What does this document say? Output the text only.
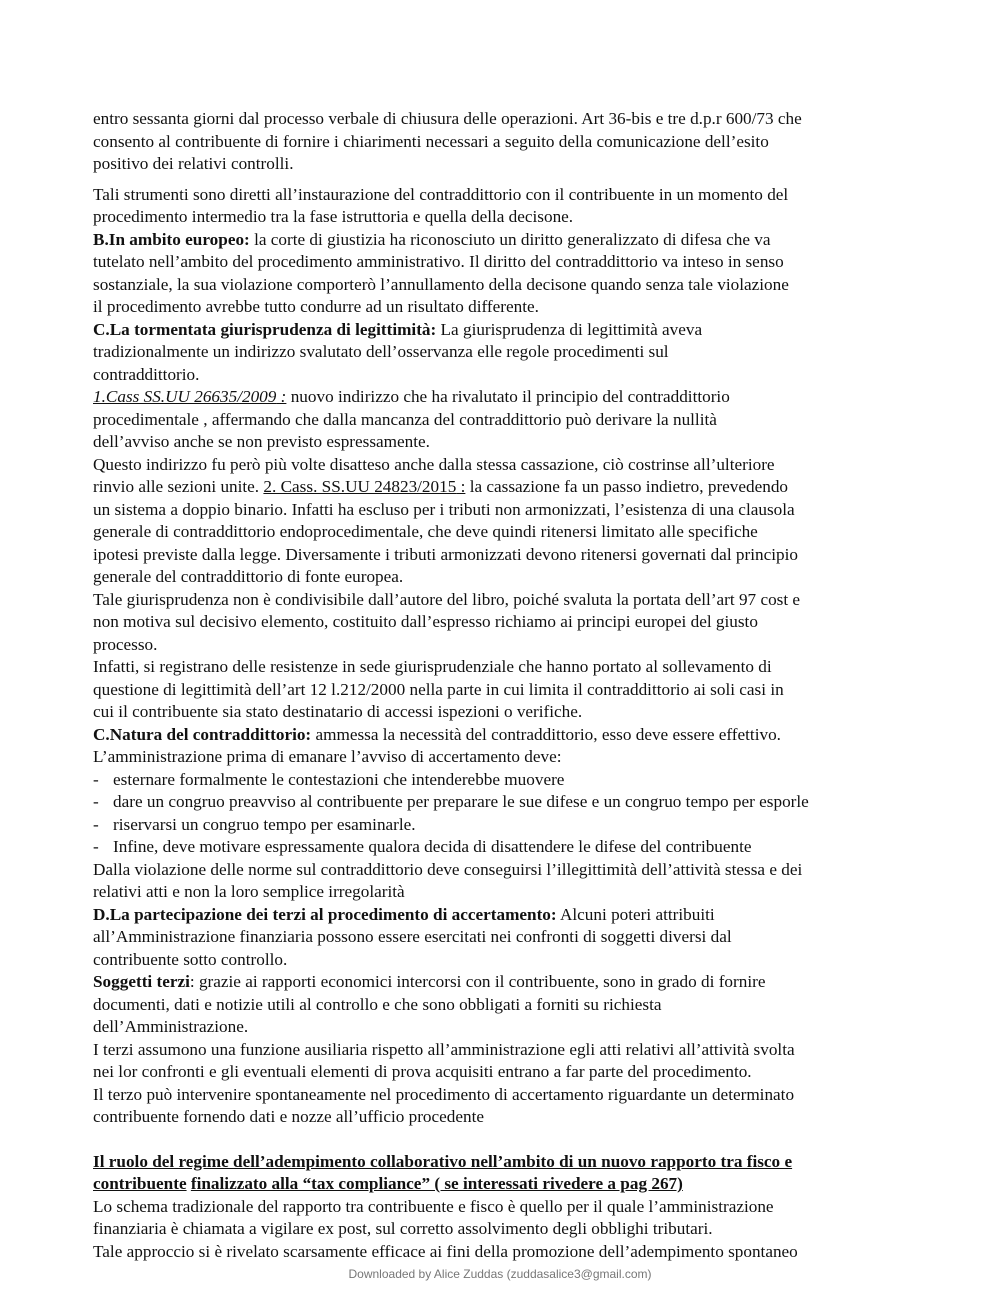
entro sessanta giorni dal processo verbale di chiusura delle operazioni. Art 36-bis e tre d.p.r 600/73 che
consento al contribuente di fornire i chiarimenti necessari a seguito della comunicazione dell’esito
positivo dei relativi controlli.

Tali strumenti sono diretti all’instaurazione del contraddittorio con il contribuente in un momento del
procedimento intermedio tra la fase istruttoria e quella della decisone.

B.In ambito europeo: la corte di giustizia ha riconosciuto un diritto generalizzato di difesa che va
tutelato nell’ambito del procedimento amministrativo. Il diritto del contraddittorio va inteso in senso
sostanziale, la sua violazione comporterò l’annullamento della decisone quando senza tale violazione
il procedimento avrebbe tutto condurre ad un risultato differente.

C.La tormentata giurisprudenza di legittimità: La giurisprudenza di legittimità aveva
tradizionalmente un indirizzo svalutato dell’osservanza elle regole procedimenti sul
contraddittorio.

1.Cass SS.UU 26635/2009 : nuovo indirizzo che ha rivalutato il principio del contraddittorio
procedimentale , affermando che dalla mancanza del contraddittorio può derivare la nullità
dell’avviso anche se non previsto espressamente.

Questo indirizzo fu però più volte disatteso anche dalla stessa cassazione, ciò costrinse all’ulteriore
rinvio alle sezioni unite. 2. Cass. SS.UU 24823/2015 : la cassazione fa un passo indietro, prevedendo
un sistema a doppio binario. Infatti ha escluso per i tributi non armonizzati, l’esistenza di una clausola
generale di contraddittorio endoprocedimentale, che deve quindi ritenersi limitato alle specifiche
ipotesi previste dalla legge. Diversamente i tributi armonizzati devono ritenersi governati dal principio
generale del contraddittorio di fonte europea.

Tale giurisprudenza non è condivisibile dall’autore del libro, poiché svaluta la portata dell’art 97 cost e
non motiva sul decisivo elemento, costituito dall’espresso richiamo ai principi europei del giusto
processo.

Infatti, si registrano delle resistenze in sede giurisprudenziale che hanno portato al sollevamento di
questione di legittimità dell’art 12 l.212/2000 nella parte in cui limita il contraddittorio ai soli casi in
cui il contribuente sia stato destinatario di accessi ispezioni o verifiche.

C.Natura del contraddittorio: ammessa la necessità del contraddittorio, esso deve essere effettivo.
L’amministrazione prima di emanare l’avviso di accertamento deve:

- esternare formalmente le contestazioni che intenderebbe muovere
- dare un congruo preavviso al contribuente per preparare le sue difese e un congruo tempo per esporle
- riservarsi un congruo tempo per esaminarle.
- Infine, deve motivare espressamente qualora decida di disattendere le difese del contribuente

Dalla violazione delle norme sul contraddittorio deve conseguirsi l’illegittimità dell’attività stessa e dei
relativi atti e non la loro semplice irregolarità

D.La partecipazione dei terzi al procedimento di accertamento: Alcuni poteri attribuiti
all’Amministrazione finanziaria possono essere esercitati nei confronti di soggetti diversi dal
contribuente sotto controllo.

Soggetti terzi: grazie ai rapporti economici intercorsi con il contribuente, sono in grado di fornire
documenti, dati e notizie utili al controllo e che sono obbligati a forniti su richiesta
dell’Amministrazione.

I terzi assumono una funzione ausiliaria rispetto all’amministrazione egli atti relativi all’attività svolta
nei lor confronti e gli eventuali elementi di prova acquisiti entrano a far parte del procedimento.

Il terzo può intervenire spontaneamente nel procedimento di accertamento riguardante un determinato
contribuente fornendo dati e nozze all’ufficio procedente

Il ruolo del regime dell’adempimento collaborativo nell’ambito di un nuovo rapporto tra fisco e
contribuente finalizzato alla “tax compliance” ( se interessati rivedere a pag 267)

Lo schema tradizionale del rapporto tra contribuente e fisco è quello per il quale l’amministrazione
finanziaria è chiamata a vigilare ex post, sul corretto assolvimento degli obblighi tributari.
Tale approccio si è rivelato scarsamente efficace ai fini della promozione dell’adempimento spontaneo

Downloaded by Alice Zuddas (zuddasalice3@gmail.com)
